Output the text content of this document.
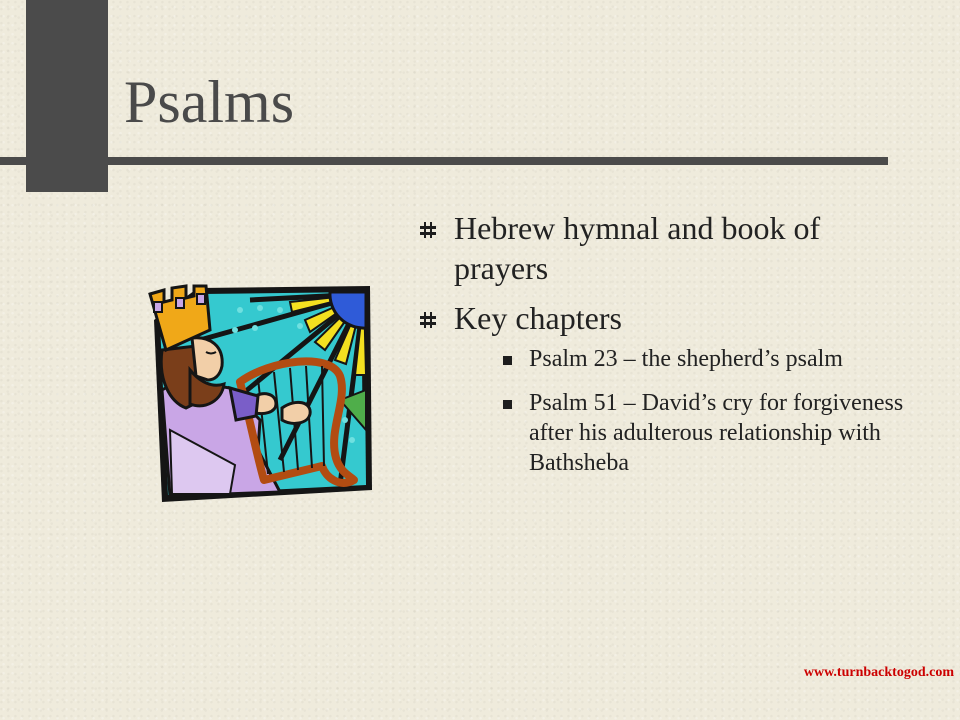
Psalms
Hebrew hymnal and book of prayers
Key chapters
Psalm 23 – the shepherd’s psalm
Psalm 51 – David’s cry for forgiveness after his adulterous relationship with Bathsheba
www.turnbacktogod.com
